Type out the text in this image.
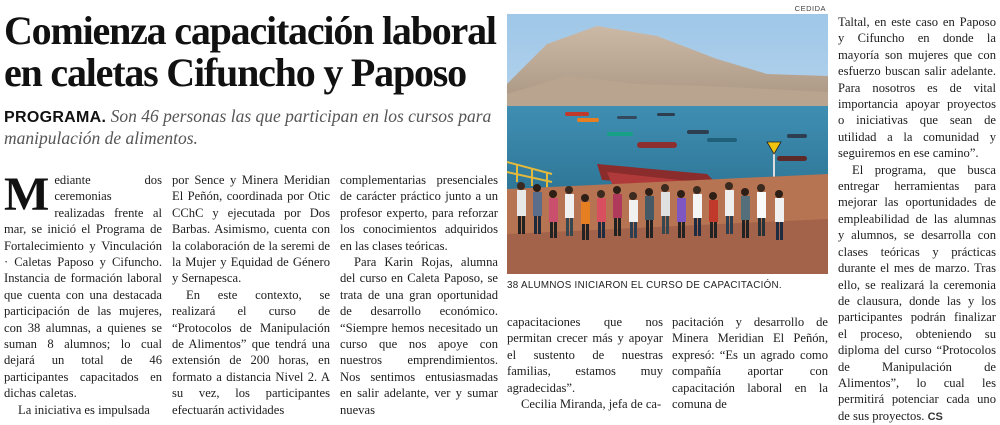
Comienza capacitación laboral en caletas Cifuncho y Paposo
PROGRAMA. Son 46 personas las que participan en los cursos para manipulación de alimentos.

Mediante dos ceremonias realizadas frente al mar, se inició el Programa de Fortalecimiento y Vinculación · Caletas Paposo y Cifuncho. Instancia de formación laboral que cuenta con una destacada participación de las mujeres, con 38 alumnas, a quienes se suman 8 alumnos; lo cual dejará un total de 46 participantes capacitados en dichas caletas.

La iniciativa es impulsada

por Sence y Minera Meridian El Peñón, coordinada por Otic CChC y ejecutada por Dos Barbas. Asimismo, cuenta con la colaboración de la seremi de la Mujer y Equidad de Género y Sernapesca.

En este contexto, se realizará el curso de “Protocolos de Manipulación de Alimentos” que tendrá una extensión de 200 horas, en formato a distancia Nivel 2. A su vez, los participantes efectuarán actividades

complementarias presenciales de carácter práctico junto a un profesor experto, para reforzar los conocimientos adquiridos en las clases teóricas.

Para Karin Rojas, alumna del curso en Caleta Paposo, se trata de una gran oportunidad de desarrollo económico. “Siempre hemos necesitado un curso que nos apoye con nuestros emprendimientos. Nos sentimos entusiasmadas en salir adelante, ver y sumar nuevas

CEDIDA
38 ALUMNOS INICIARON EL CURSO DE CAPACITACIÓN.

capacitaciones que nos permitan crecer más y apoyar el sustento de nuestras familias, estamos muy agradecidas”.

Cecilia Miranda, jefa de ca-

pacitación y desarrollo de Minera Meridian El Peñón, expresó: “Es un agrado como compañía aportar con capacitación laboral en la comuna de

Taltal, en este caso en Paposo y Cifuncho en donde la mayoría son mujeres que con esfuerzo buscan salir adelante. Para nosotros es de vital importancia apoyar proyectos o iniciativas que sean de utilidad a la comunidad y seguiremos en ese camino”.

El programa, que busca entregar herramientas para mejorar las oportunidades de empleabilidad de las alumnas y alumnos, se desarrolla con clases teóricas y prácticas durante el mes de marzo. Tras ello, se realizará la ceremonia de clausura, donde las y los participantes podrán finalizar el proceso, obteniendo su diploma del curso “Protocolos de Manipulación de Alimentos”, lo cual les permitirá potenciar cada uno de sus proyectos. CS
